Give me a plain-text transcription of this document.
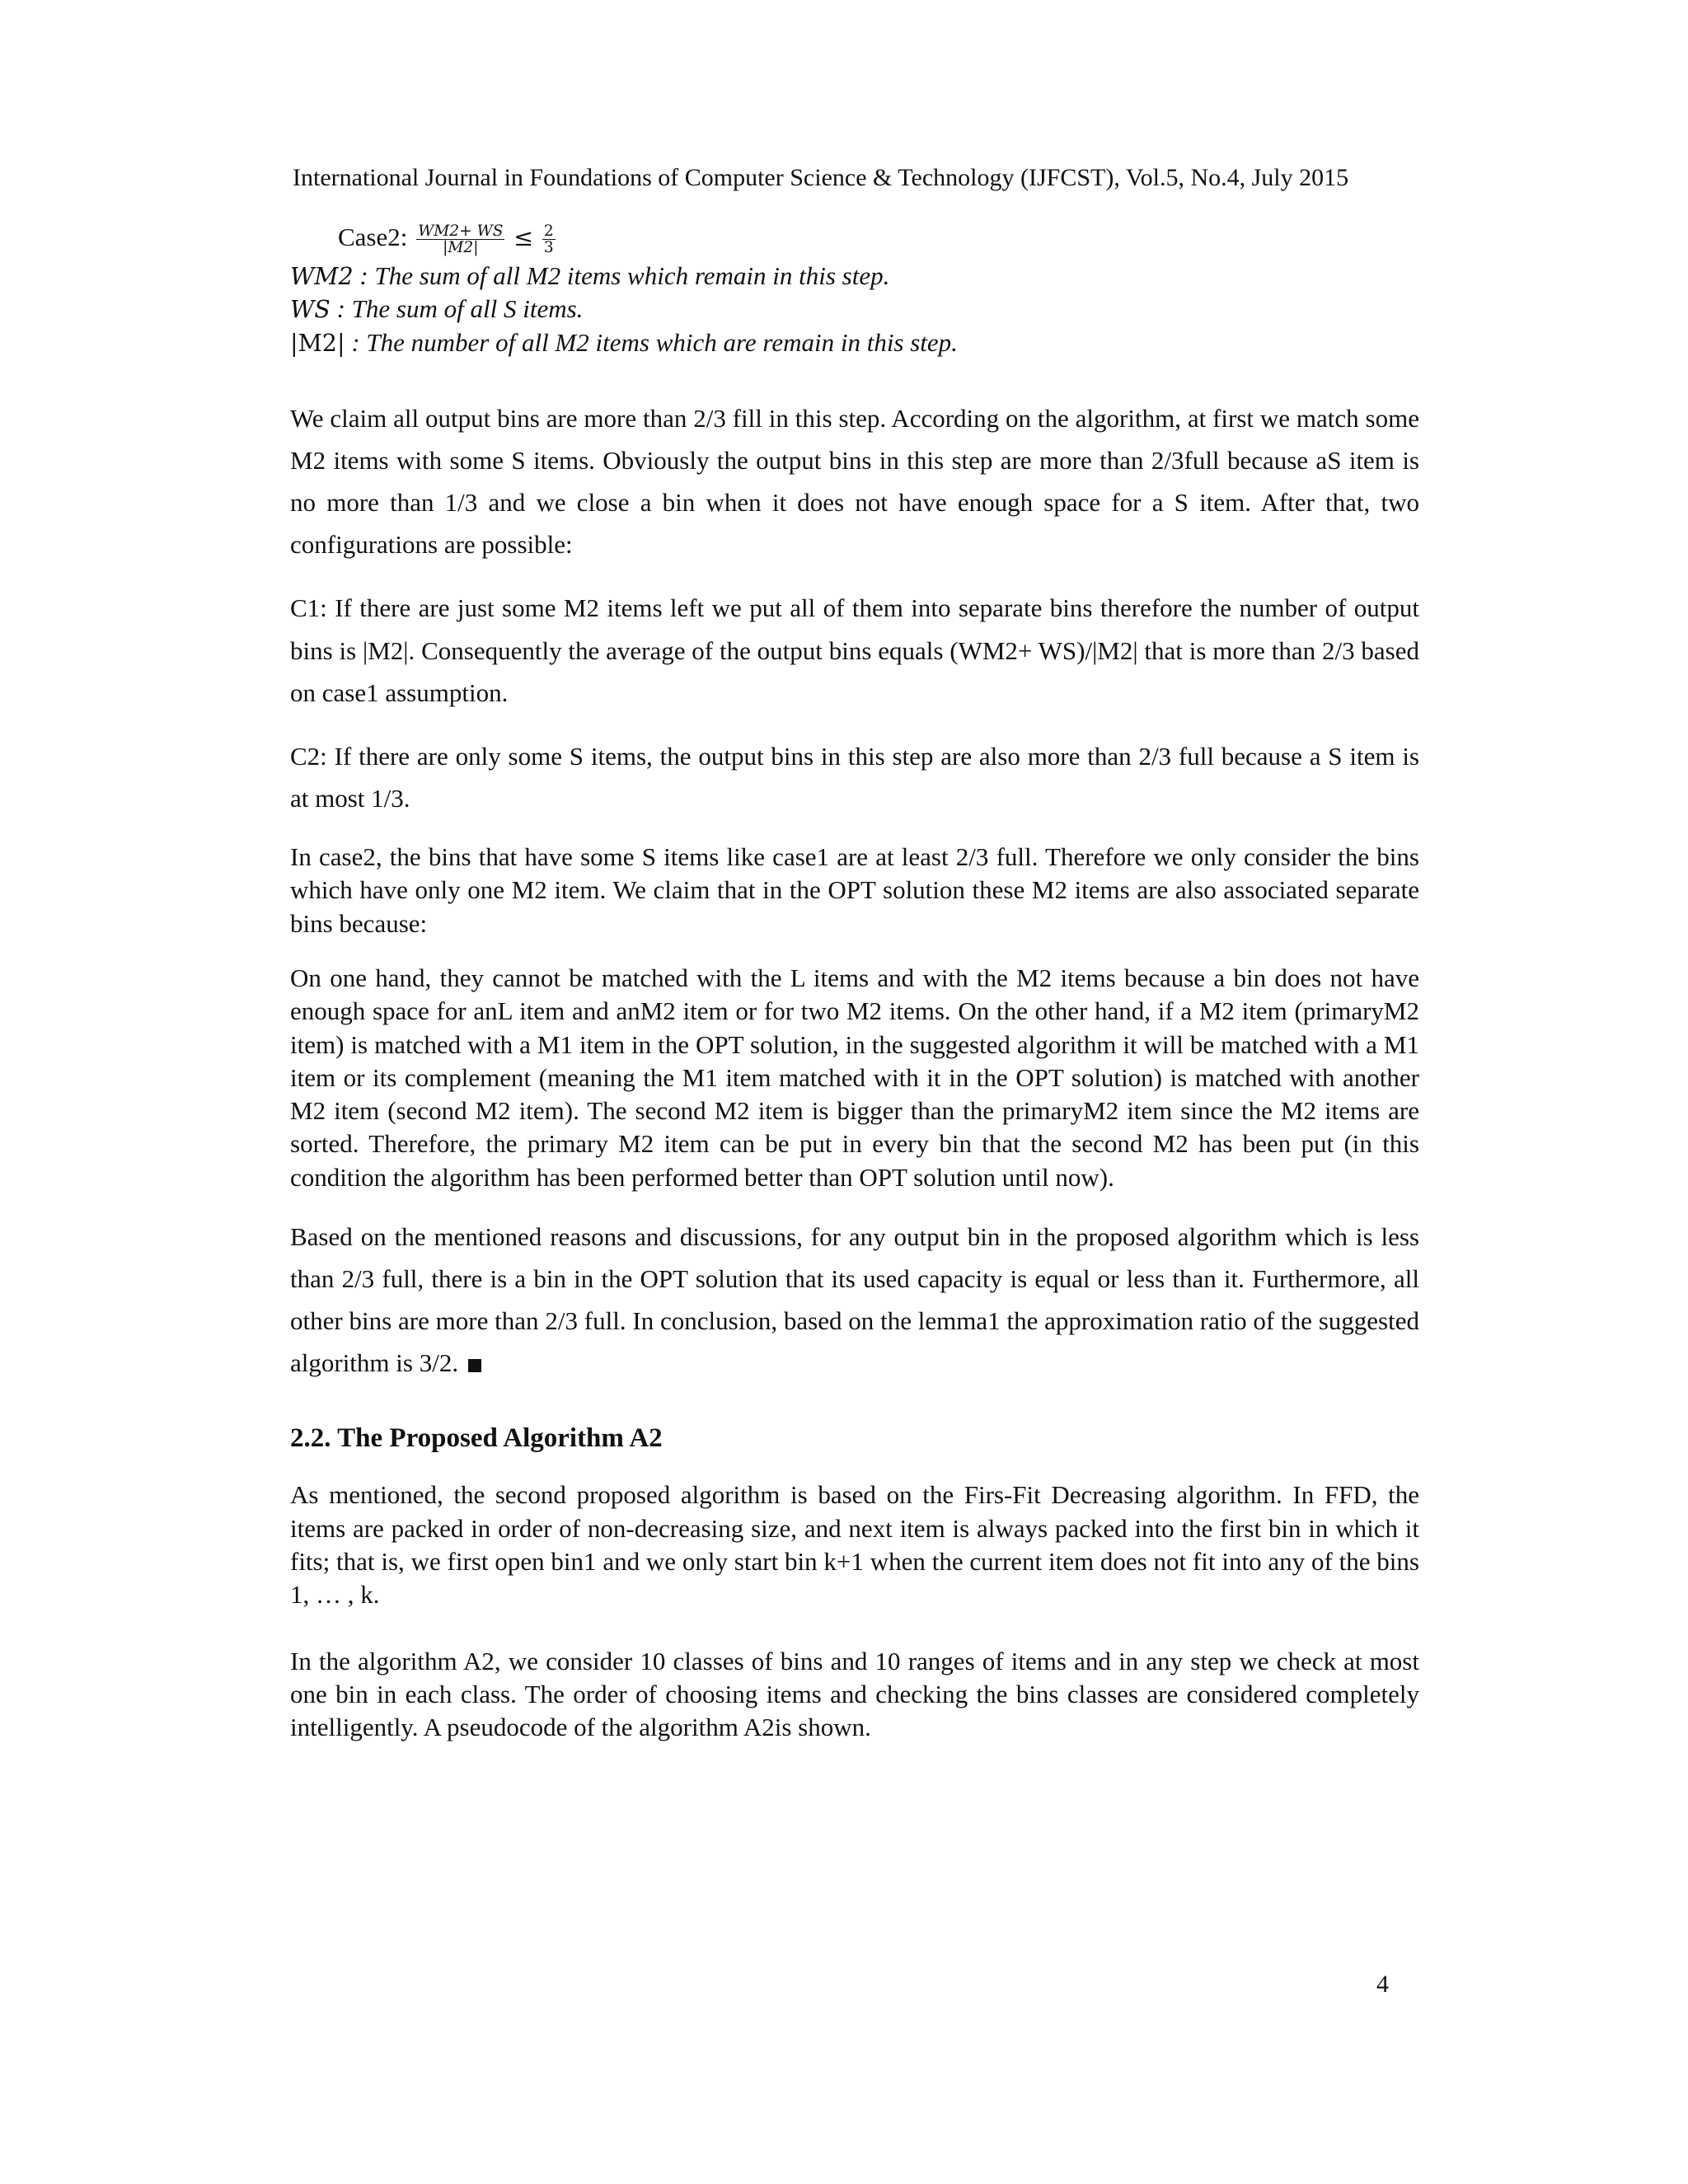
International Journal in Foundations of Computer Science & Technology (IJFCST), Vol.5, No.4, July 2015
Case2: $\frac{WM2+ WS}{|M2|} \le \frac{2}{3}$
WM2 : The sum of all M2 items which remain in this step.
WS : The sum of all S items.
|M2| : The number of all M2 items which are remain in this step.

We claim all output bins are more than 2/3 fill in this step. According on the algorithm, at first we match some M2 items with some S items. Obviously the output bins in this step are more than 2/3full because aS item is no more than 1/3 and we close a bin when it does not have enough space for a S item. After that, two configurations are possible:

C1: If there are just some M2 items left we put all of them into separate bins therefore the number of output bins is |M2|. Consequently the average of the output bins equals (WM2+ WS)/|M2| that is more than 2/3 based on case1 assumption.

C2: If there are only some S items, the output bins in this step are also more than 2/3 full because a S item is at most 1/3.

In case2, the bins that have some S items like case1 are at least 2/3 full. Therefore we only consider the bins which have only one M2 item. We claim that in the OPT solution these M2 items are also associated separate bins because:

On one hand, they cannot be matched with the L items and with the M2 items because a bin does not have enough space for anL item and anM2 item or for two M2 items. On the other hand, if a M2 item (primaryM2 item) is matched with a M1 item in the OPT solution, in the suggested algorithm it will be matched with a M1 item or its complement (meaning the M1 item matched with it in the OPT solution) is matched with another M2 item (second M2 item). The second M2 item is bigger than the primaryM2 item since the M2 items are sorted. Therefore, the primary M2 item can be put in every bin that the second M2 has been put (in this condition the algorithm has been performed better than OPT solution until now).

Based on the mentioned reasons and discussions, for any output bin in the proposed algorithm which is less than 2/3 full, there is a bin in the OPT solution that its used capacity is equal or less than it. Furthermore, all other bins are more than 2/3 full. In conclusion, based on the lemma1 the approximation ratio of the suggested algorithm is 3/2.

2.2. The Proposed Algorithm A2

As mentioned, the second proposed algorithm is based on the Firs-Fit Decreasing algorithm. In FFD, the items are packed in order of non-decreasing size, and next item is always packed into the first bin in which it fits; that is, we first open bin1 and we only start bin k+1 when the current item does not fit into any of the bins 1, … , k.

In the algorithm A2, we consider 10 classes of bins and 10 ranges of items and in any step we check at most one bin in each class. The order of choosing items and checking the bins classes are considered completely intelligently. A pseudocode of the algorithm A2is shown.

4
